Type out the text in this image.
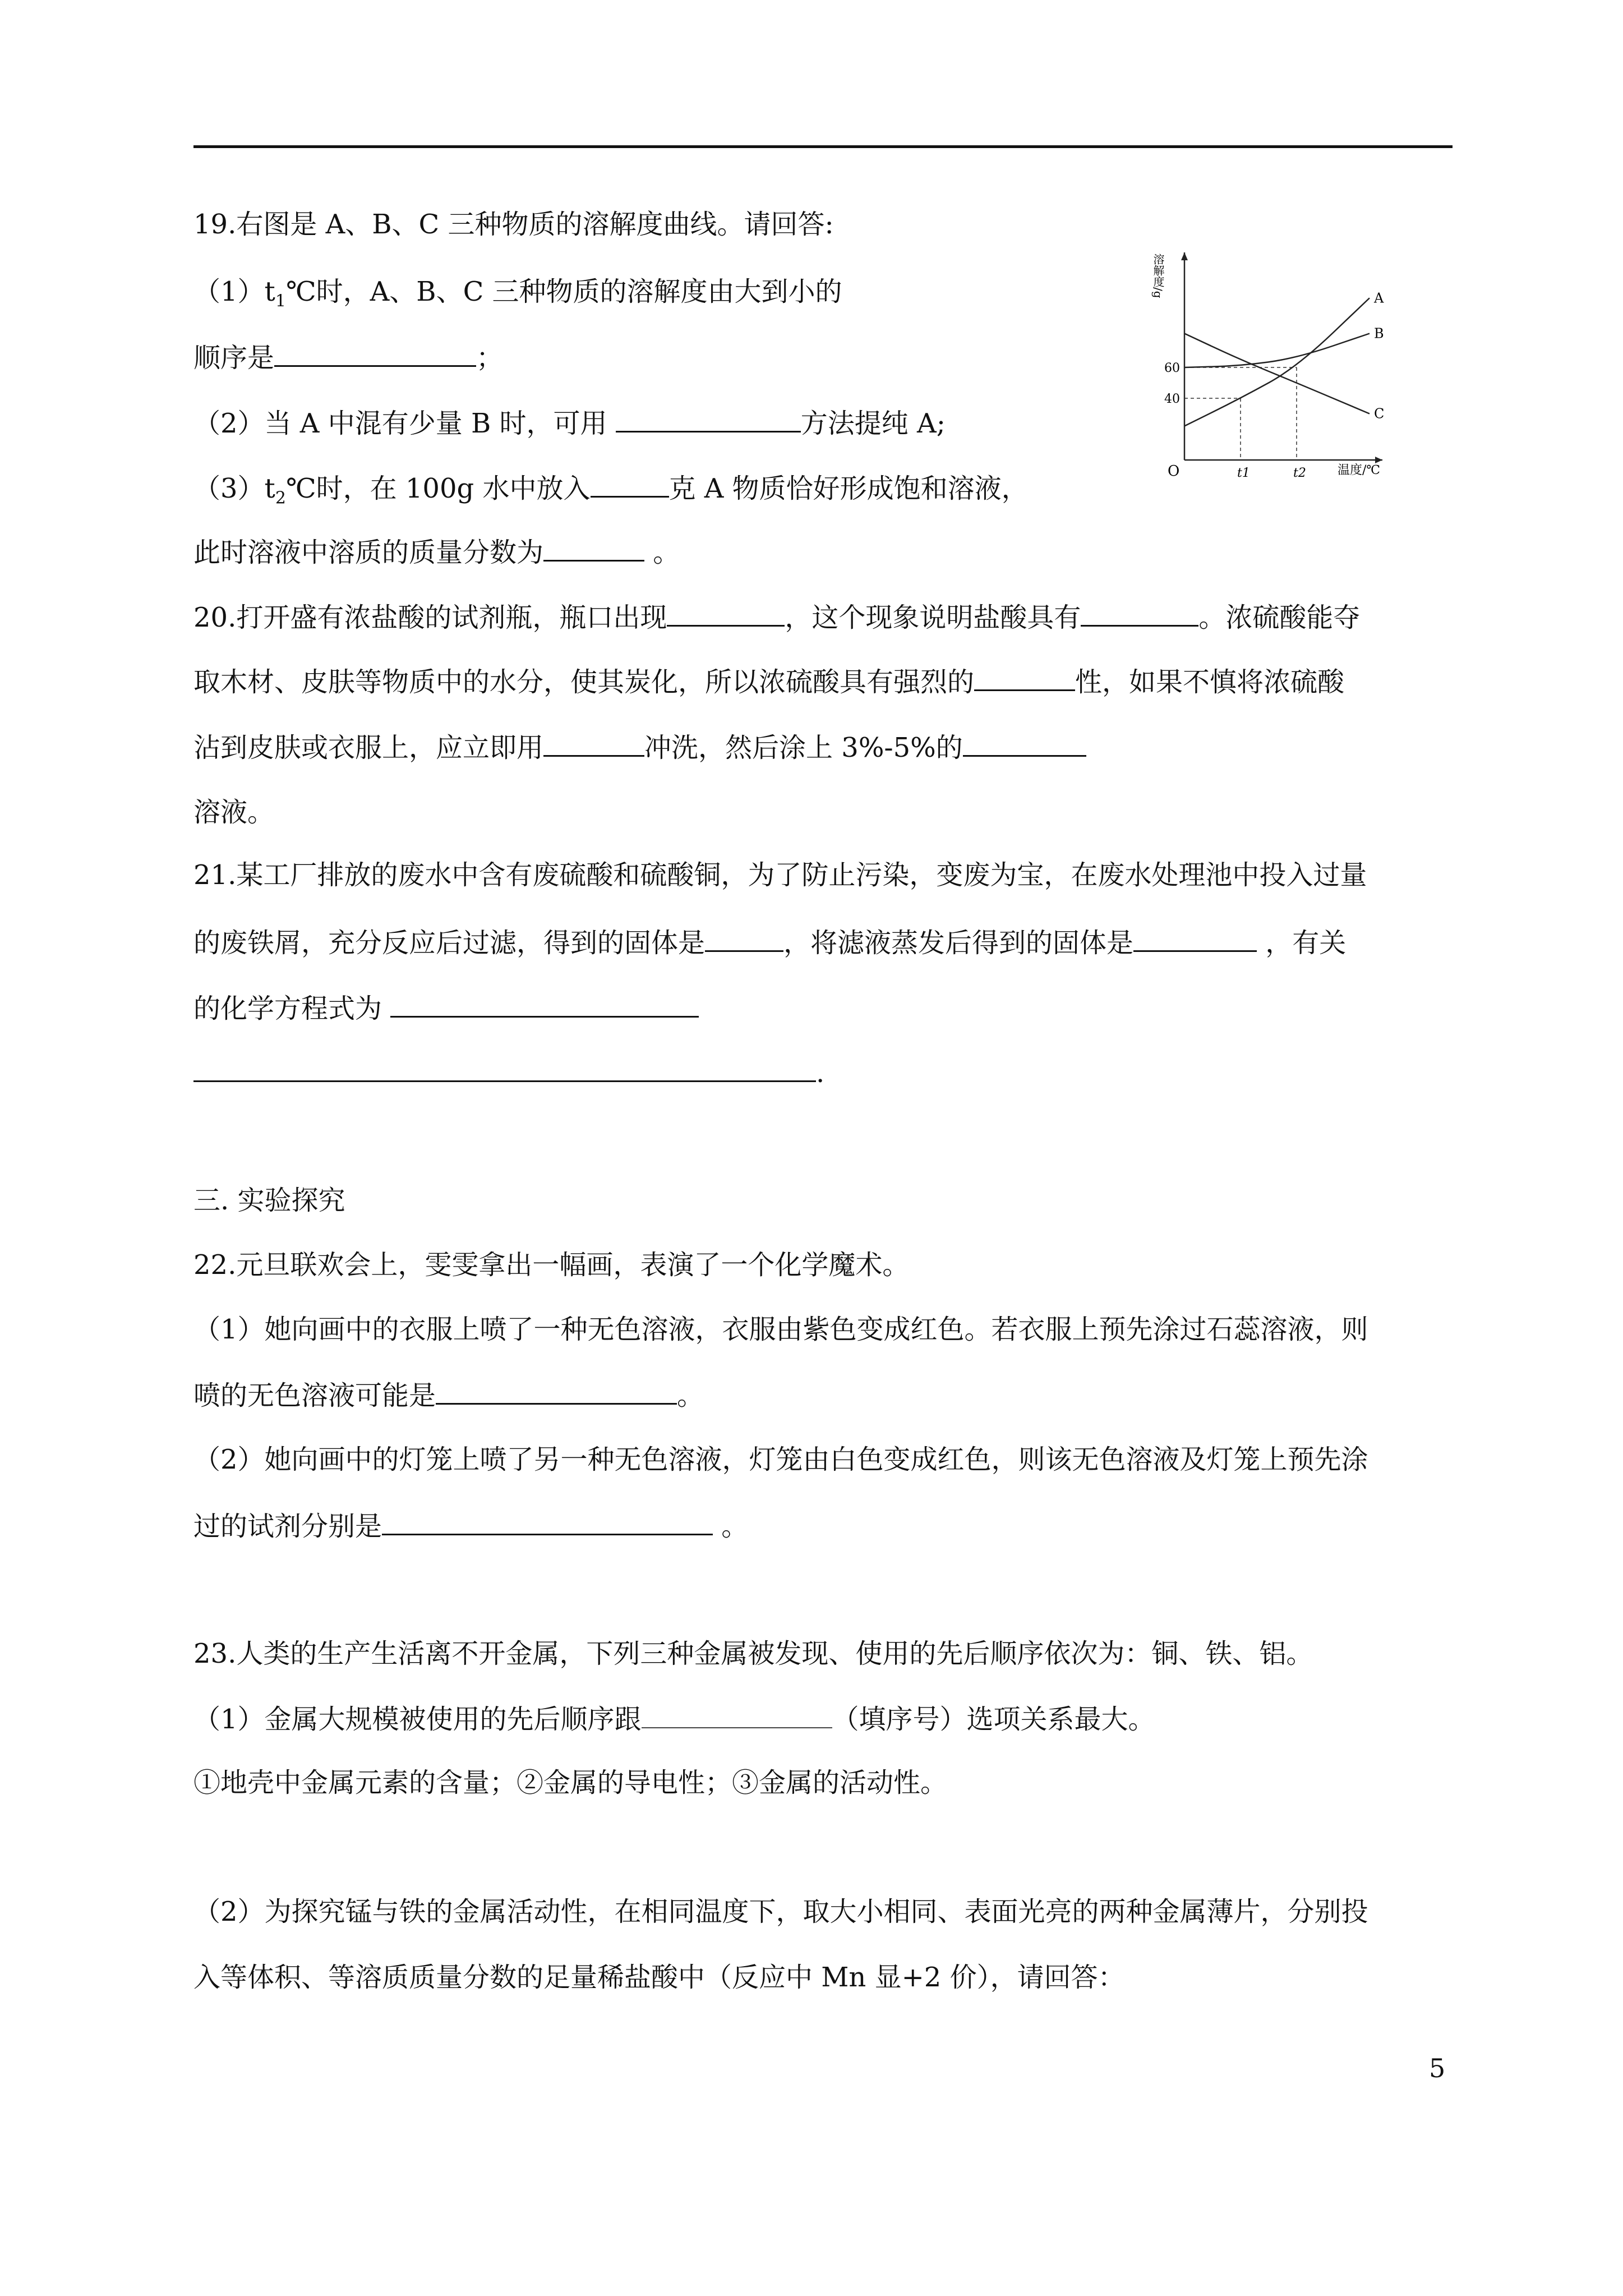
19.右图是 A、B、C 三种物质的溶解度曲线。请回答:
$(1)t_1℃$时，A、B、C 三种物质的溶解度由大到小的
顺序是	；
（2）当 A 中混有少量 B 时，可用	方法提纯 A;
$(3)t_2℃$时，在 100g 水中放入	克 A 物质恰好形成饱和溶液，
此时溶液中溶质的质量分数为	。
O	温度/℃
溶解度/g
40
60
t1	t2
A
B
C
20.打开盛有浓盐酸的试剂瓶，瓶口出现	，这个现象说明盐酸具有	。浓硫酸能夺
取木材、皮肤等物质中的水分，使其炭化，所以浓硫酸具有强烈的	性，如果不慎将浓硫酸
沾到皮肤或衣服上，应立即用	冲洗，然后涂上 3%-5%的
溶液。
21.某工厂排放的废水中含有废硫酸和硫酸铜，为了防止污染，变废为宝，在废水处理池中投入过量
的废铁屑，充分反应后过滤，得到的固体是	，将滤液蒸发后得到的固体是	，有关
的化学方程式为
.
三. 实验探究
22.元旦联欢会上，雯雯拿出一幅画，表演了一个化学魔术。
（1）她向画中的衣服上喷了一种无色溶液，衣服由紫色变成红色。若衣服上预先涂过石蕊溶液，则
喷的无色溶液可能是	。
（2）她向画中的灯笼上喷了另一种无色溶液，灯笼由白色变成红色，则该无色溶液及灯笼上预先涂
过的试剂分别是	。
23.人类的生产生活离不开金属，下列三种金属被发现、使用的先后顺序依次为：铜、铁、铝。
（1）金属大规模被使用的先后顺序跟	（填序号）选项关系最大。
①地壳中金属元素的含量；②金属的导电性；③金属的活动性。
（2）为探究锰与铁的金属活动性，在相同温度下，取大小相同、表面光亮的两种金属薄片，分别投
入等体积、等溶质质量分数的足量稀盐酸中（反应中 Mn 显+2 价），请回答：
5
